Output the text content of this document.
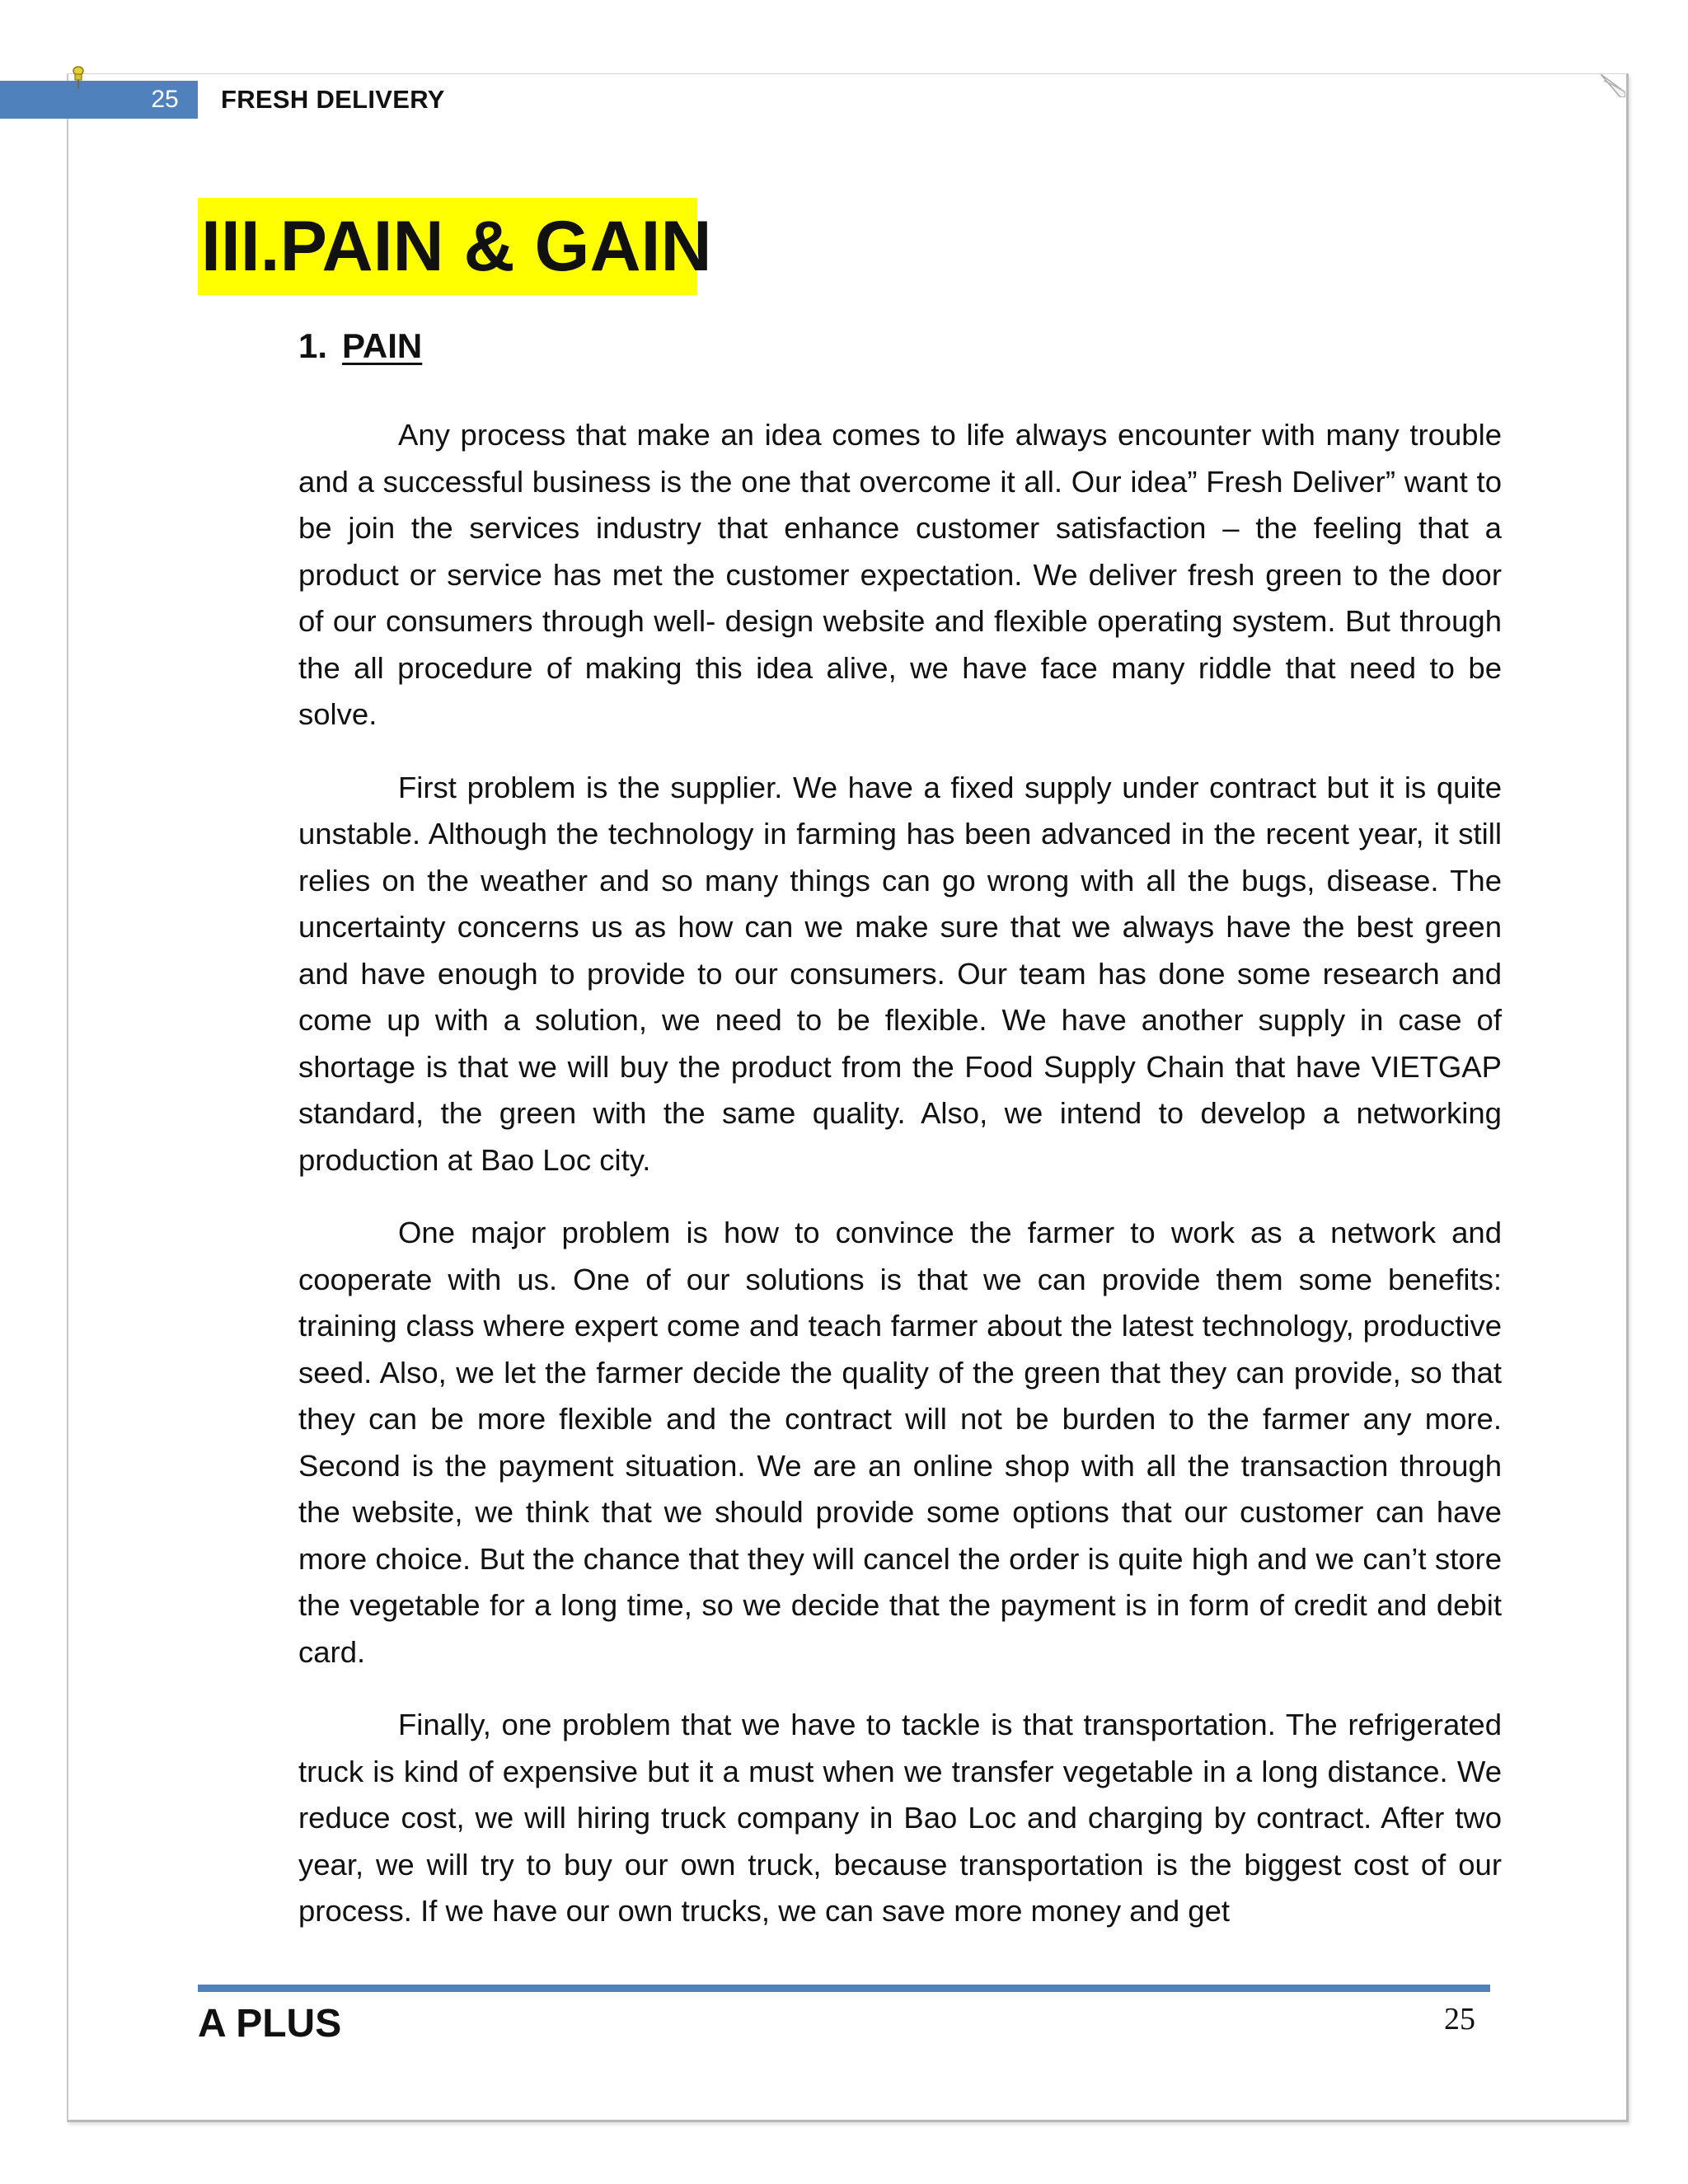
25	FRESH DELIVERY
III.PAIN & GAIN
1. PAIN

Any process that make an idea comes to life always encounter with many trouble and a successful business is the one that overcome it all. Our idea” Fresh Deliver” want to be join the services industry that enhance customer satisfaction – the feeling that a product or service has met the customer expectation. We deliver fresh green to the door of our consumers through well- design website and flexible operating system. But through the all procedure of making this idea alive, we have face many riddle that need to be solve.

First problem is the supplier. We have a fixed supply under contract but it is quite unstable. Although the technology in farming has been advanced in the recent year, it still relies on the weather and so many things can go wrong with all the bugs, disease. The uncertainty concerns us as how can we make sure that we always have the best green and have enough to provide to our consumers. Our team has done some research and come up with a solution, we need to be flexible. We have another supply in case of shortage is that we will buy the product from the Food Supply Chain that have VIETGAP standard, the green with the same quality. Also, we intend to develop a networking production at Bao Loc city.

One major problem is how to convince the farmer to work as a network and cooperate with us. One of our solutions is that we can provide them some benefits: training class where expert come and teach farmer about the latest technology, productive seed. Also, we let the farmer decide the quality of the green that they can provide, so that they can be more flexible and the contract will not be burden to the farmer any more. Second is the payment situation. We are an online shop with all the transaction through the website, we think that we should provide some options that our customer can have more choice. But the chance that they will cancel the order is quite high and we can’t store the vegetable for a long time, so we decide that the payment is in form of credit and debit card.

Finally, one problem that we have to tackle is that transportation. The refrigerated truck is kind of expensive but it a must when we transfer vegetable in a long distance. We reduce cost, we will hiring truck company in Bao Loc and charging by contract. After two year, we will try to buy our own truck, because transportation is the biggest cost of our process. If we have our own trucks, we can save more money and get

A PLUS	25
